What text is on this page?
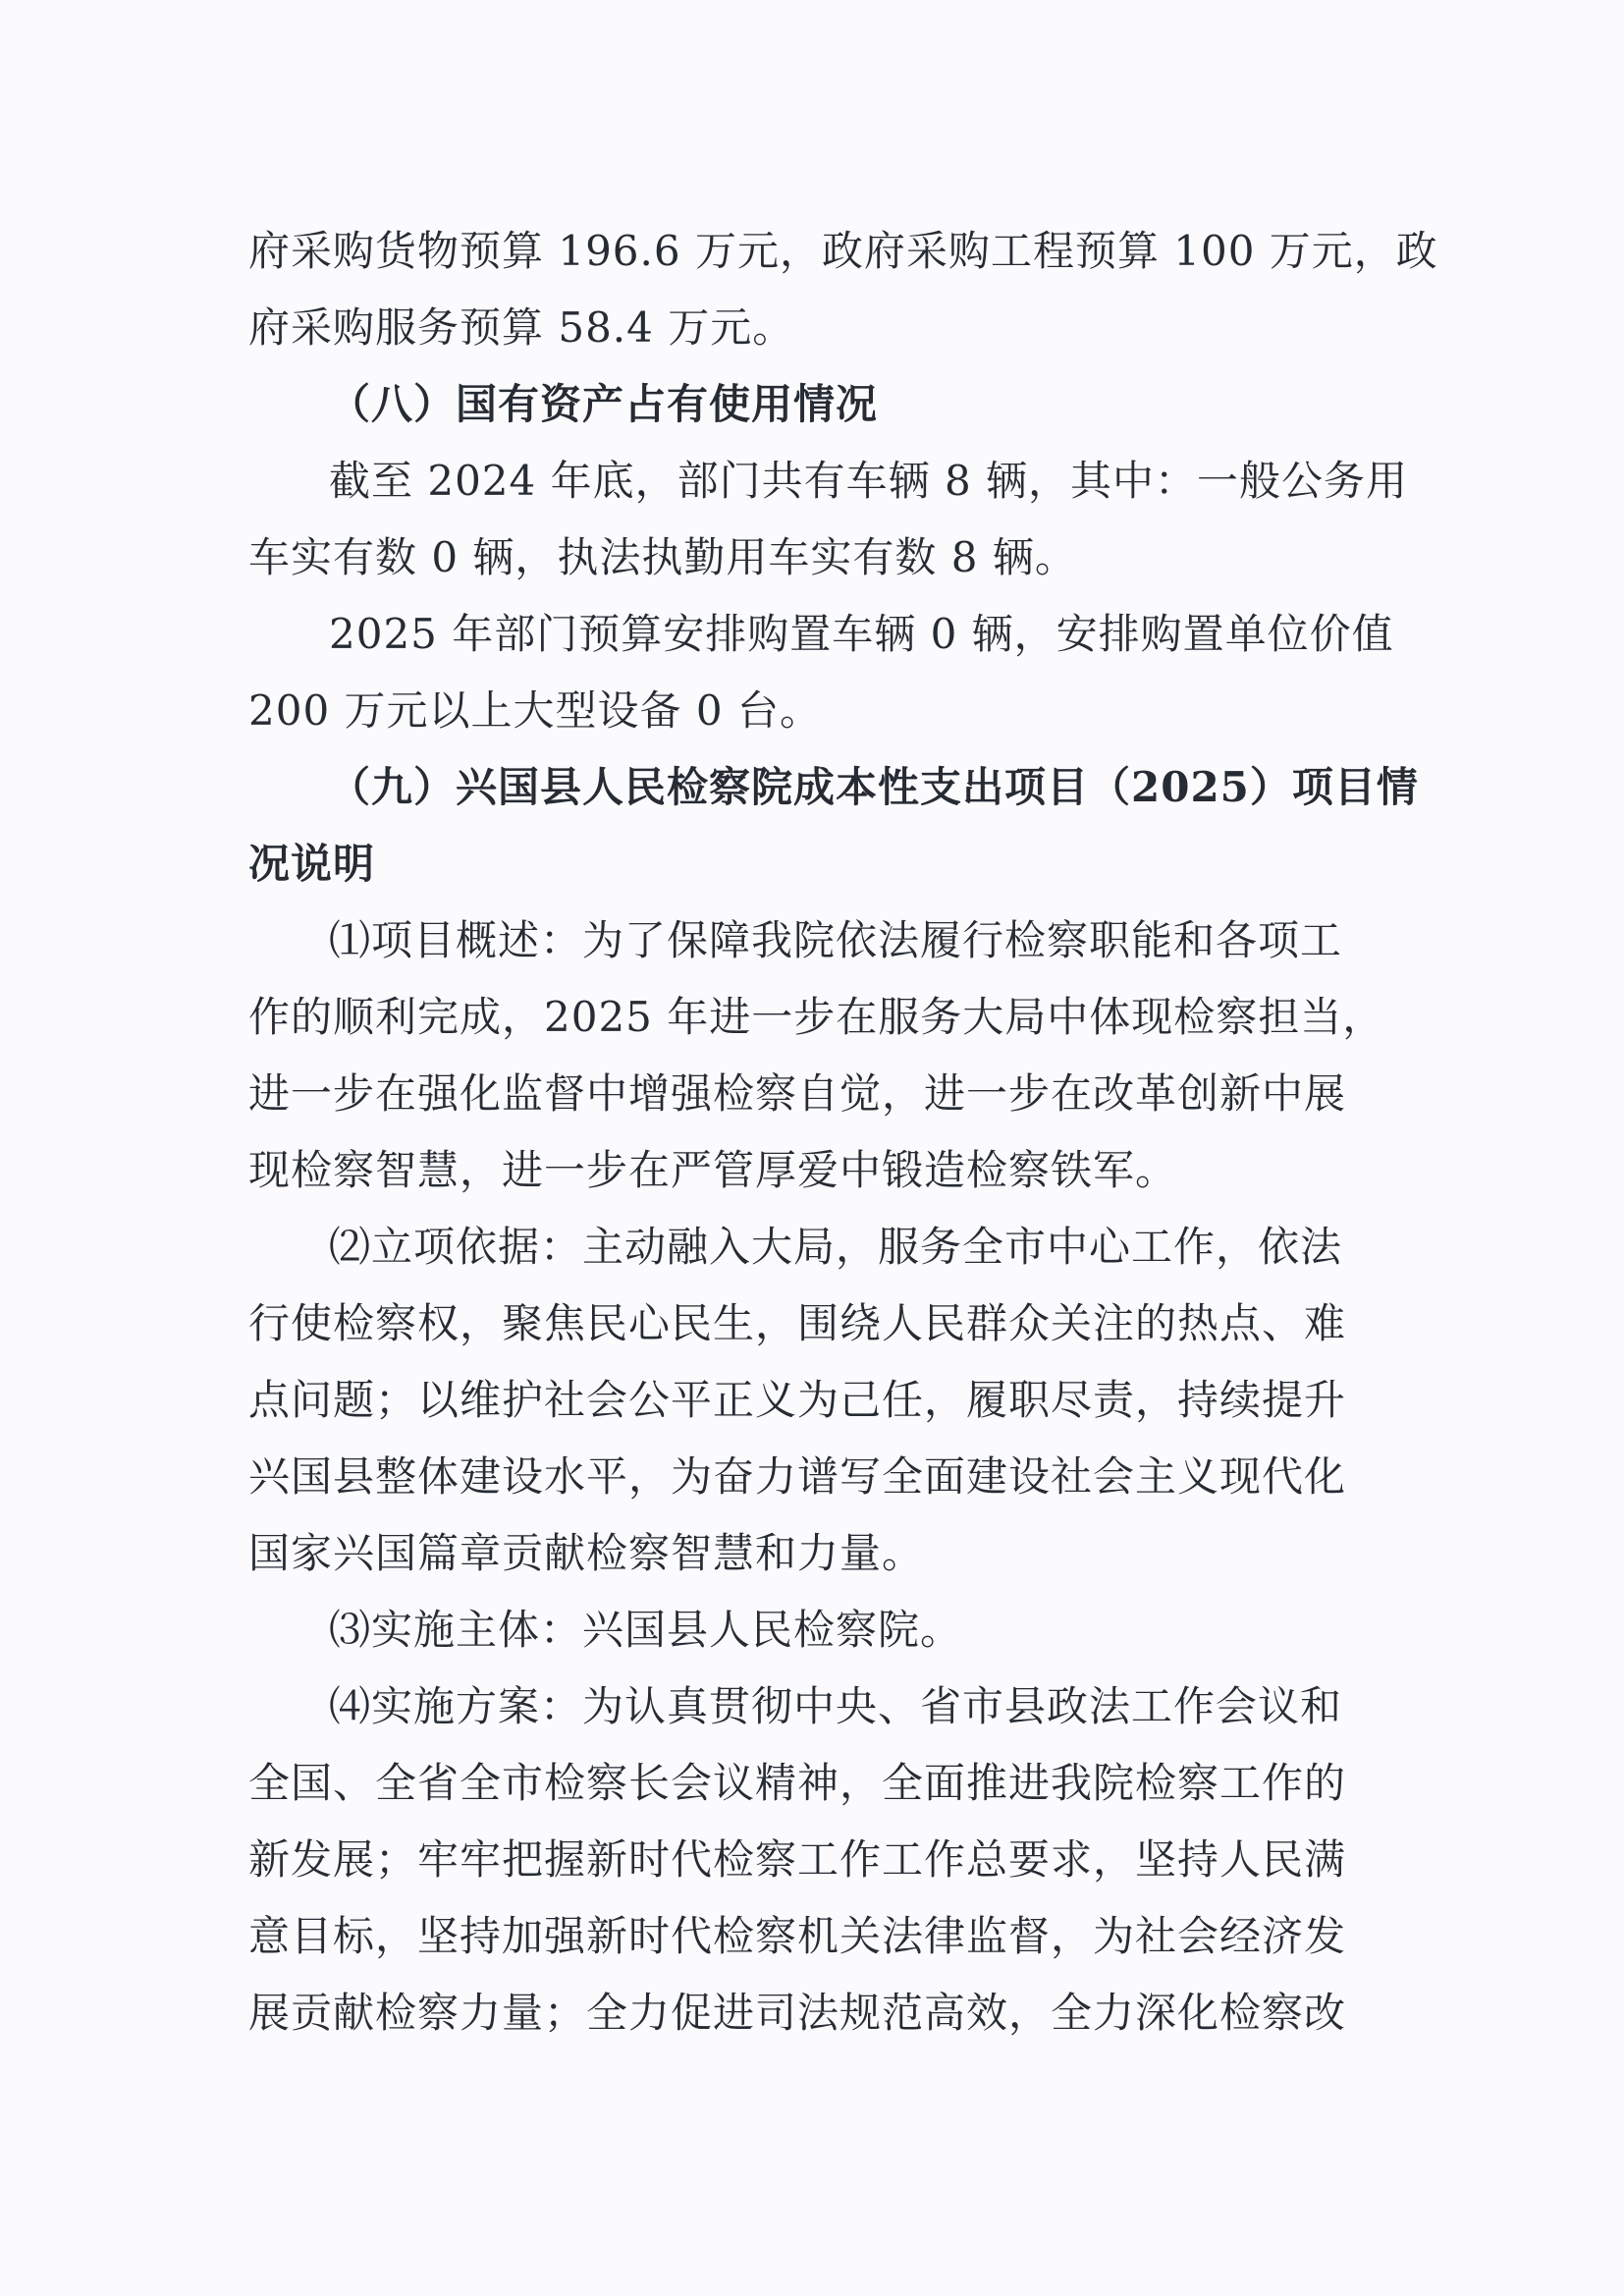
府采购货物预算 196.6 万元，政府采购工程预算 100 万元，政
府采购服务预算 58.4 万元。
（八）国有资产占有使用情况
截至 2024 年底，部门共有车辆 8 辆，其中：一般公务用
车实有数 0 辆，执法执勤用车实有数 8 辆。
2025 年部门预算安排购置车辆 0 辆，安排购置单位价值
200 万元以上大型设备 0 台。
（九）兴国县人民检察院成本性支出项目（2025）项目情
况说明
⑴项目概述：为了保障我院依法履行检察职能和各项工
作的顺利完成，2025 年进一步在服务大局中体现检察担当，
进一步在强化监督中增强检察自觉，进一步在改革创新中展
现检察智慧，进一步在严管厚爱中锻造检察铁军。
⑵立项依据：主动融入大局，服务全市中心工作，依法
行使检察权，聚焦民心民生，围绕人民群众关注的热点、难
点问题；以维护社会公平正义为己任，履职尽责，持续提升
兴国县整体建设水平，为奋力谱写全面建设社会主义现代化
国家兴国篇章贡献检察智慧和力量。
⑶实施主体：兴国县人民检察院。
⑷实施方案：为认真贯彻中央、省市县政法工作会议和
全国、全省全市检察长会议精神，全面推进我院检察工作的
新发展；牢牢把握新时代检察工作工作总要求，坚持人民满
意目标，坚持加强新时代检察机关法律监督，为社会经济发
展贡献检察力量；全力促进司法规范高效，全力深化检察改
